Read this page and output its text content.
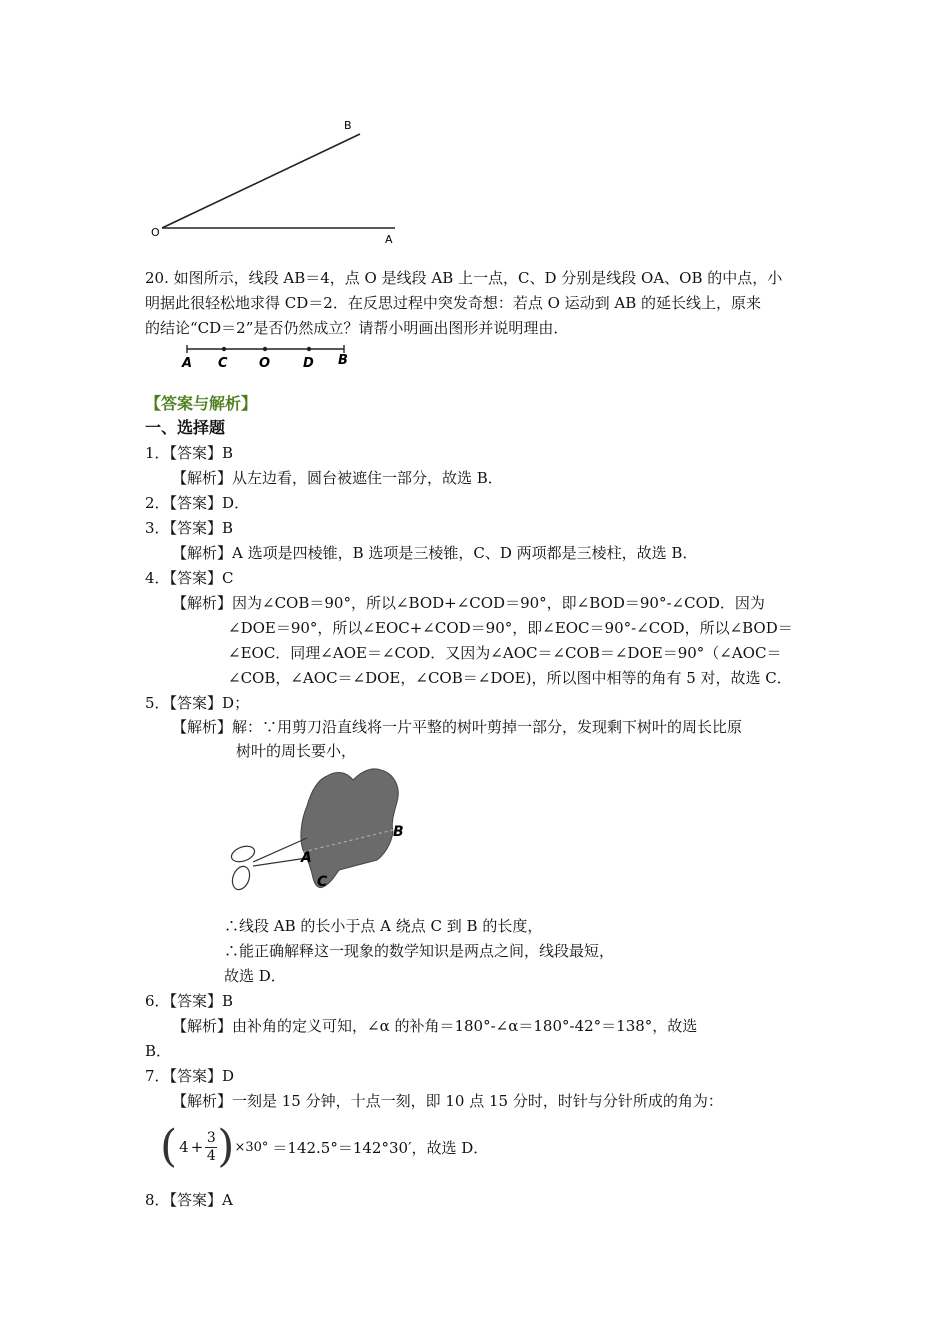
B
O
A
20. 如图所示，线段 AB＝4，点 O 是线段 AB 上一点，C、D 分别是线段 OA、OB 的中点，小
明据此很轻松地求得 CD＝2．在反思过程中突发奇想：若点 O 运动到 AB 的延长线上，原来
的结论“CD＝2”是否仍然成立？请帮小明画出图形并说明理由．
A C O	D B
【答案与解析】
一、选择题
1．【答案】B
【解析】从左边看，圆台被遮住一部分，故选 B．
2．【答案】D．
3．【答案】B
【解析】A 选项是四棱锥，B 选项是三棱锥，C、D 两项都是三棱柱，故选 B．
4．【答案】C
【解析】因为∠COB＝90°，所以∠BOD+∠COD＝90°，即∠BOD＝90°-∠COD．因为
∠DOE＝90°，所以∠EOC+∠COD＝90°，即∠EOC＝90°-∠COD，所以∠BOD＝
∠EOC．同理∠AOE＝∠COD．又因为∠AOC＝∠COB＝∠DOE＝90°（∠AOC＝
∠COB，∠AOC＝∠DOE，∠COB＝∠DOE)，所以图中相等的角有 5 对，故选 C．
5．【答案】D；
【解析】解：∵用剪刀沿直线将一片平整的树叶剪掉一部分，发现剩下树叶的周长比原
树叶的周长要小，
A
B
C
∴线段 AB 的长小于点 A 绕点 C 到 B 的长度，
∴能正确解释这一现象的数学知识是两点之间，线段最短，
故选 D．
6．【答案】B
【解析】由补角的定义可知，∠α 的补角＝180°-∠α＝180°-42°＝138°，故选
B．
7．【答案】D
【解析】一刻是 15 分钟，十点一刻，即 10 点 15 分时，时针与分针所成的角为：
( 4 +
3
4 ) ×30° ＝142.5°＝142°30′，故选 D．
8．【答案】A
